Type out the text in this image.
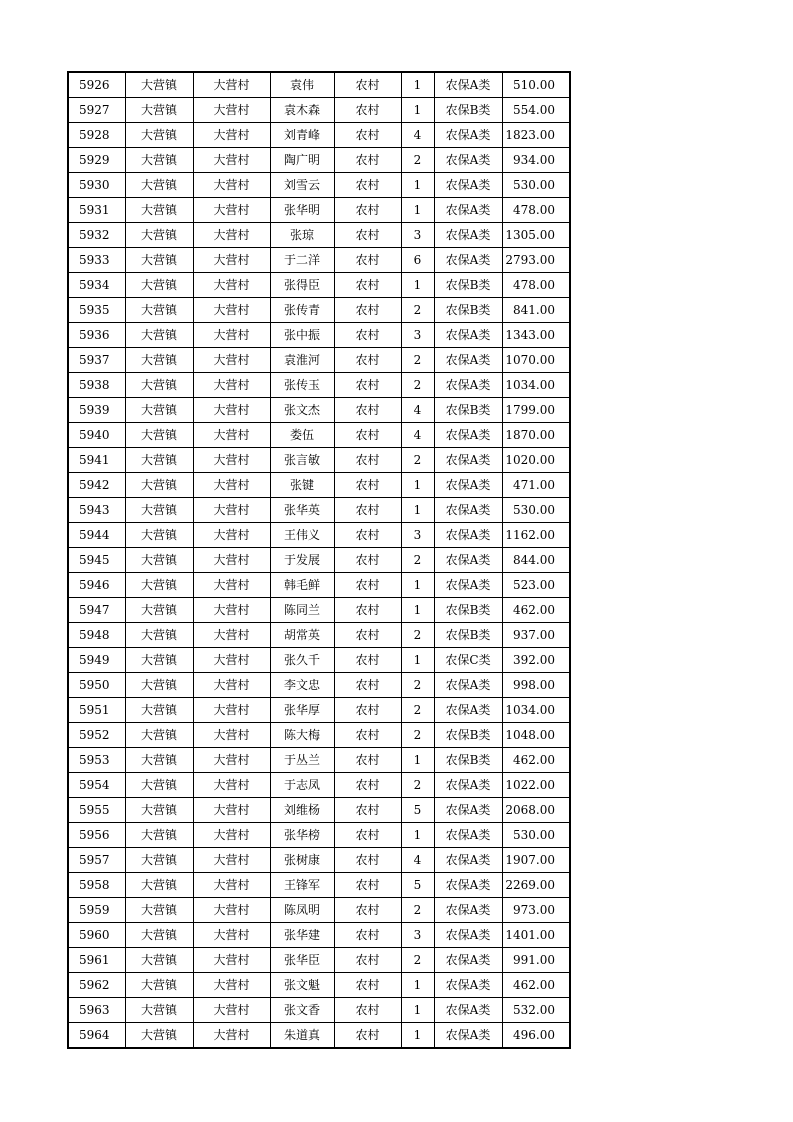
5926	大营镇	大营村	袁伟	农村	1	农保A类	510.00
5927	大营镇	大营村	袁木森	农村	1	农保B类	554.00
5928	大营镇	大营村	刘青峰	农村	4	农保A类	1823.00
5929	大营镇	大营村	陶广明	农村	2	农保A类	934.00
5930	大营镇	大营村	刘雪云	农村	1	农保A类	530.00
5931	大营镇	大营村	张华明	农村	1	农保A类	478.00
5932	大营镇	大营村	张琼	农村	3	农保A类	1305.00
5933	大营镇	大营村	于二洋	农村	6	农保A类	2793.00
5934	大营镇	大营村	张得臣	农村	1	农保B类	478.00
5935	大营镇	大营村	张传青	农村	2	农保B类	841.00
5936	大营镇	大营村	张中振	农村	3	农保A类	1343.00
5937	大营镇	大营村	袁淮河	农村	2	农保A类	1070.00
5938	大营镇	大营村	张传玉	农村	2	农保A类	1034.00
5939	大营镇	大营村	张文杰	农村	4	农保B类	1799.00
5940	大营镇	大营村	娄伍	农村	4	农保A类	1870.00
5941	大营镇	大营村	张言敏	农村	2	农保A类	1020.00
5942	大营镇	大营村	张键	农村	1	农保A类	471.00
5943	大营镇	大营村	张华英	农村	1	农保A类	530.00
5944	大营镇	大营村	王伟义	农村	3	农保A类	1162.00
5945	大营镇	大营村	于发展	农村	2	农保A类	844.00
5946	大营镇	大营村	韩毛鲜	农村	1	农保A类	523.00
5947	大营镇	大营村	陈同兰	农村	1	农保B类	462.00
5948	大营镇	大营村	胡常英	农村	2	农保B类	937.00
5949	大营镇	大营村	张久千	农村	1	农保C类	392.00
5950	大营镇	大营村	李文忠	农村	2	农保A类	998.00
5951	大营镇	大营村	张华厚	农村	2	农保A类	1034.00
5952	大营镇	大营村	陈大梅	农村	2	农保B类	1048.00
5953	大营镇	大营村	于丛兰	农村	1	农保B类	462.00
5954	大营镇	大营村	于志凤	农村	2	农保A类	1022.00
5955	大营镇	大营村	刘维杨	农村	5	农保A类	2068.00
5956	大营镇	大营村	张华榜	农村	1	农保A类	530.00
5957	大营镇	大营村	张树康	农村	4	农保A类	1907.00
5958	大营镇	大营村	王锋军	农村	5	农保A类	2269.00
5959	大营镇	大营村	陈凤明	农村	2	农保A类	973.00
5960	大营镇	大营村	张华建	农村	3	农保A类	1401.00
5961	大营镇	大营村	张华臣	农村	2	农保A类	991.00
5962	大营镇	大营村	张文魁	农村	1	农保A类	462.00
5963	大营镇	大营村	张文香	农村	1	农保A类	532.00
5964	大营镇	大营村	朱道真	农村	1	农保A类	496.00
